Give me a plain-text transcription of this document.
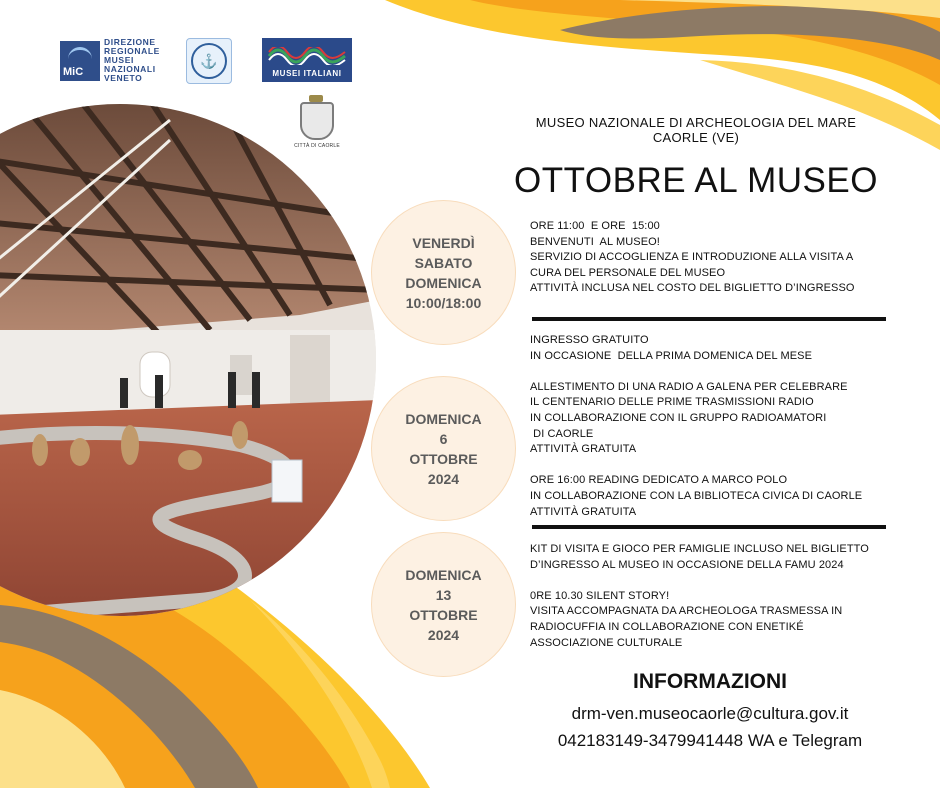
MiC
DIREZIONE
REGIONALE
MUSEI
NAZIONALI
VENETO
⚓
MUSEI ITALIANI
CITTÀ DI CAORLE
MUSEO NAZIONALE DI ARCHEOLOGIA DEL MARE
CAORLE (VE)
OTTOBRE AL MUSEO
VENERDÌ
SABATO
DOMENICA
10:00/18:00
DOMENICA
6
OTTOBRE
2024
DOMENICA
13
OTTOBRE
2024
ORE 11:00  E ORE  15:00
BENVENUTI  AL MUSEO!
SERVIZIO DI ACCOGLIENZA E INTRODUZIONE ALLA VISITA A
CURA DEL PERSONALE DEL MUSEO
ATTIVITÀ INCLUSA NEL COSTO DEL BIGLIETTO D’INGRESSO
INGRESSO GRATUITO
IN OCCASIONE  DELLA PRIMA DOMENICA DEL MESE
ALLESTIMENTO DI UNA RADIO A GALENA PER CELEBRARE
IL CENTENARIO DELLE PRIME TRASMISSIONI RADIO
IN COLLABORAZIONE CON IL GRUPPO RADIOAMATORI
DI CAORLE
ATTIVITÀ GRATUITA
ORE 16:00 READING DEDICATO A MARCO POLO
IN COLLABORAZIONE CON LA BIBLIOTECA CIVICA DI CAORLE
ATTIVITÀ GRATUITA
KIT DI VISITA E GIOCO PER FAMIGLIE INCLUSO NEL BIGLIETTO
D’INGRESSO AL MUSEO IN OCCASIONE DELLA FAMU 2024
0RE 10.30 SILENT STORY!
VISITA ACCOMPAGNATA DA ARCHEOLOGA TRASMESSA IN
RADIOCUFFIA IN COLLABORAZIONE CON ENETIKÉ
ASSOCIAZIONE CULTURALE
INFORMAZIONI
drm-ven.museocaorle@cultura.gov.it
042183149-3479941448 WA e Telegram
